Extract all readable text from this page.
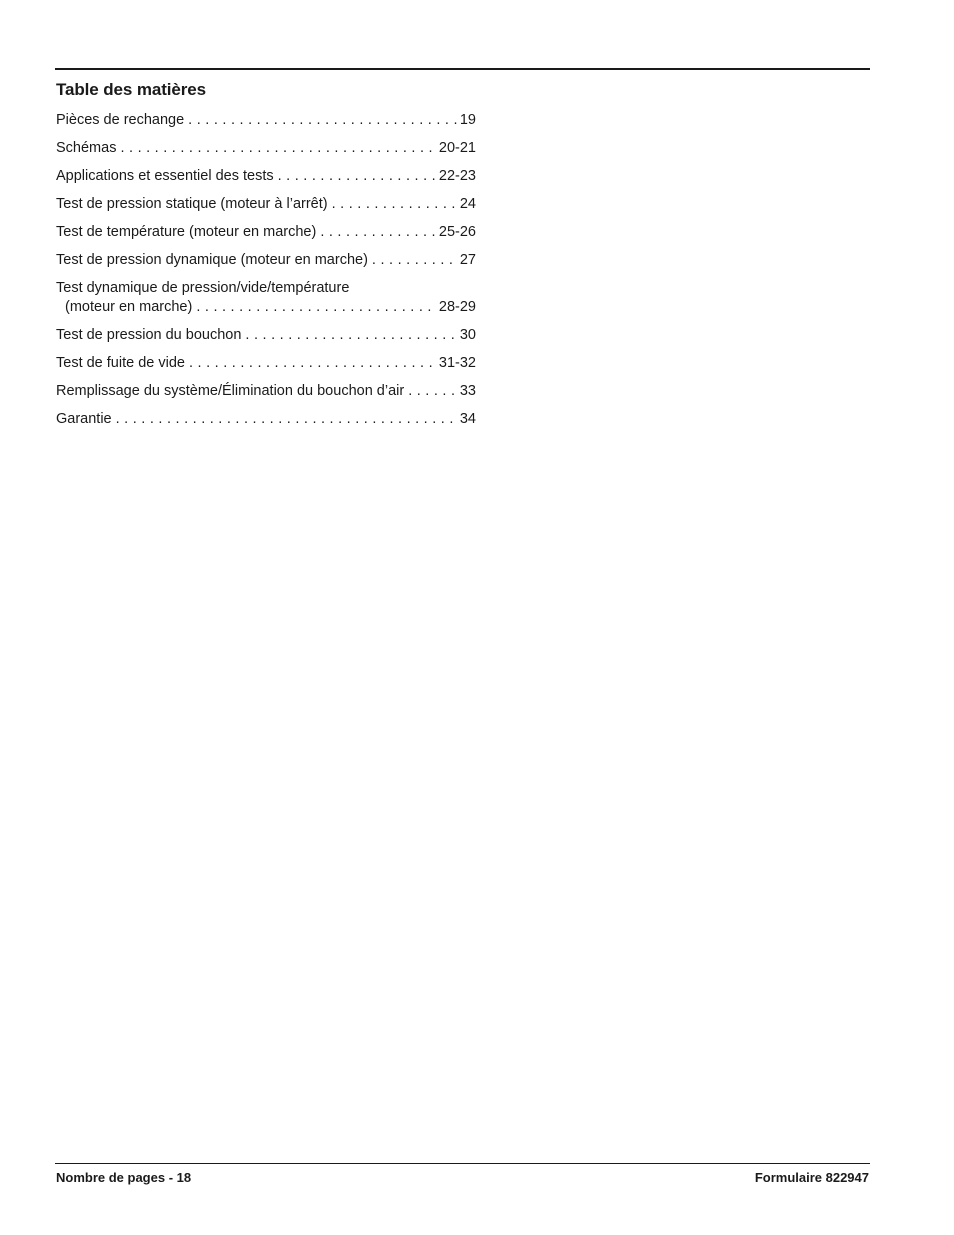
Table des matières
Pièces de rechange . . .	19
Schémas . . .	20-21
Applications et essentiel des tests . . .	22-23
Test de pression statique (moteur à l’arrêt) . . .	24
Test de température (moteur en marche) . . .	25-26
Test de pression dynamique (moteur en marche) . . .	27
Test dynamique de pression/vide/température
(moteur en marche) . . .	28-29
Test de pression du bouchon . . .	30
Test de fuite de vide . . .	31-32
Remplissage du système/Élimination du bouchon d’air . . .	33
Garantie . . .	34
Nombre de pages - 18	Formulaire 822947
